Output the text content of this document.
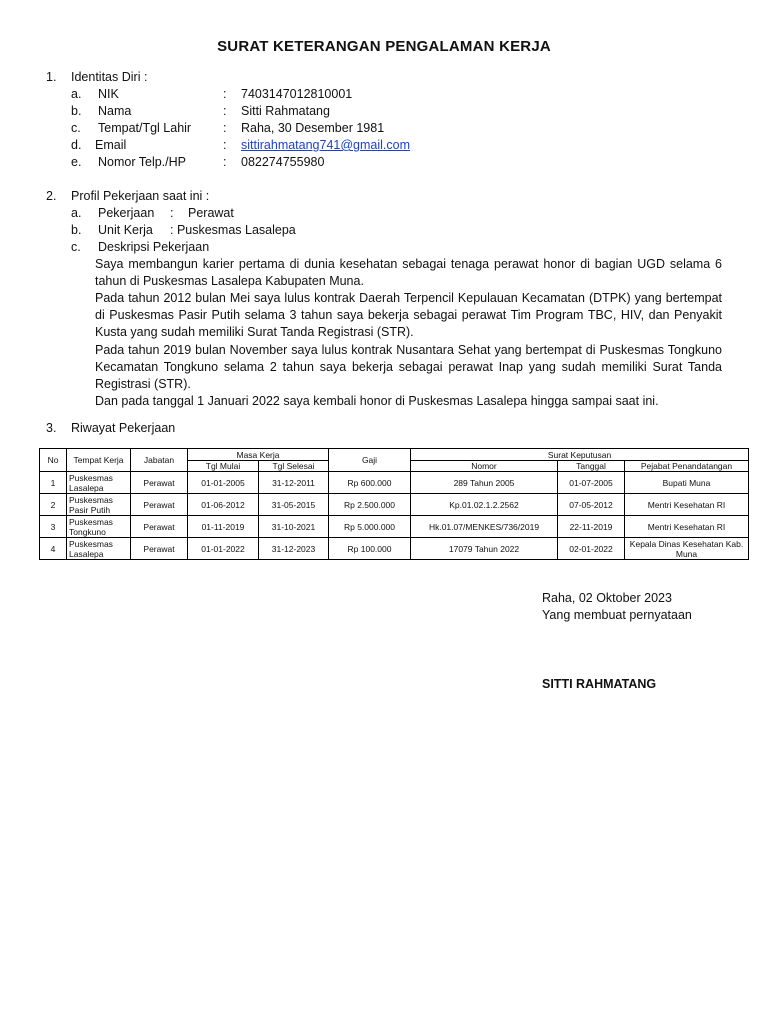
SURAT KETERANGAN PENGALAMAN KERJA
1. Identitas Diri :
a. NIK	: 7403147012810001
b. Nama	: Sitti Rahmatang
c. Tempat/Tgl Lahir	: Raha, 30 Desember 1981
d. Email	: sittirahmatang741@gmail.com
e. Nomor Telp./HP	: 082274755980
2. Profil Pekerjaan saat ini :
a. Pekerjaan : Perawat
b. Unit Kerja : Puskesmas Lasalepa
c. Deskripsi Pekerjaan
Saya membangun karier pertama di dunia kesehatan sebagai tenaga perawat honor di bagian UGD selama 6 tahun di Puskesmas Lasalepa Kabupaten Muna.
Pada tahun 2012 bulan Mei saya lulus kontrak Daerah Terpencil Kepulauan Kecamatan (DTPK) yang bertempat di Puskesmas Pasir Putih selama 3 tahun saya bekerja sebagai perawat Tim Program TBC, HIV, dan Penyakit Kusta yang sudah memiliki Surat Tanda Registrasi (STR).
Pada tahun 2019 bulan November saya lulus kontrak Nusantara Sehat yang bertempat di Puskesmas Tongkuno Kecamatan Tongkuno selama 2 tahun saya bekerja sebagai perawat Inap yang sudah memiliki Surat Tanda Registrasi (STR).
Dan pada tanggal 1 Januari 2022 saya kembali honor di Puskesmas Lasalepa hingga sampai saat ini.
3. Riwayat Pekerjaan
No	Tempat Kerja	Jabatan	Masa Kerja		Gaji	Surat Keputusan		
			Tgl Mulai	Tgl Selesai		Nomor	Tanggal	Pejabat Penandatangan
1	Puskesmas Lasalepa	Perawat	01-01-2005	31-12-2011	Rp 600.000	289 Tahun 2005	01-07-2005	Bupati Muna
2	Puskesmas Pasir Putih	Perawat	01-06-2012	31-05-2015	Rp 2.500.000	Kp.01.02.1.2.2562	07-05-2012	Mentri Kesehatan RI
3	Puskesmas Tongkuno	Perawat	01-11-2019	31-10-2021	Rp 5.000.000	Hk.01.07/MENKES/736/2019	22-11-2019	Mentri Kesehatan RI
4	Puskesmas Lasalepa	Perawat	01-01-2022	31-12-2023	Rp 100.000	17079 Tahun 2022	02-01-2022	Kepala Dinas Kesehatan Kab. Muna
Raha, 02 Oktober 2023
Yang membuat pernyataan
SITTI RAHMATANG
